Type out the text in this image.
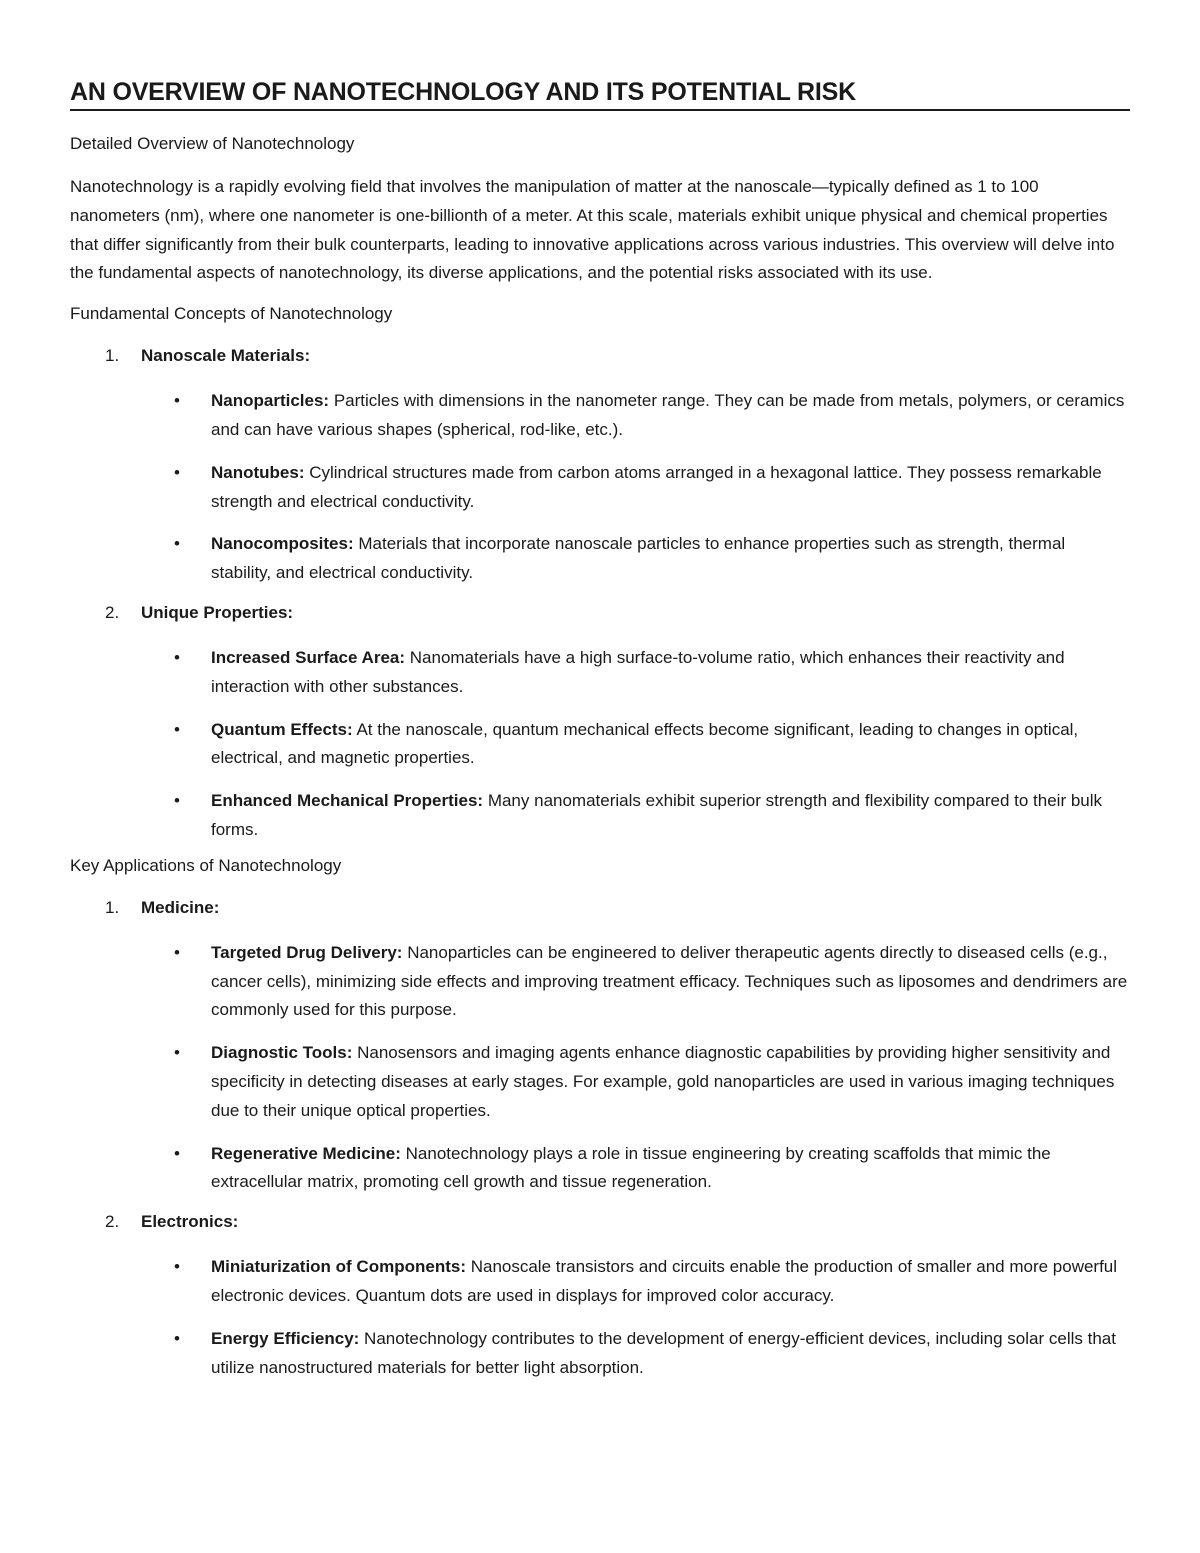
AN OVERVIEW OF NANOTECHNOLOGY AND ITS POTENTIAL RISK
Detailed Overview of Nanotechnology
Nanotechnology is a rapidly evolving field that involves the manipulation of matter at the nanoscale—typically defined as 1 to 100 nanometers (nm), where one nanometer is one-billionth of a meter. At this scale, materials exhibit unique physical and chemical properties that differ significantly from their bulk counterparts, leading to innovative applications across various industries. This overview will delve into the fundamental aspects of nanotechnology, its diverse applications, and the potential risks associated with its use.
Fundamental Concepts of Nanotechnology
1. Nanoscale Materials:
• Nanoparticles: Particles with dimensions in the nanometer range. They can be made from metals, polymers, or ceramics and can have various shapes (spherical, rod-like, etc.).
• Nanotubes: Cylindrical structures made from carbon atoms arranged in a hexagonal lattice. They possess remarkable strength and electrical conductivity.
• Nanocomposites: Materials that incorporate nanoscale particles to enhance properties such as strength, thermal stability, and electrical conductivity.
2. Unique Properties:
• Increased Surface Area: Nanomaterials have a high surface-to-volume ratio, which enhances their reactivity and interaction with other substances.
• Quantum Effects: At the nanoscale, quantum mechanical effects become significant, leading to changes in optical, electrical, and magnetic properties.
• Enhanced Mechanical Properties: Many nanomaterials exhibit superior strength and flexibility compared to their bulk forms.
Key Applications of Nanotechnology
1. Medicine:
• Targeted Drug Delivery: Nanoparticles can be engineered to deliver therapeutic agents directly to diseased cells (e.g., cancer cells), minimizing side effects and improving treatment efficacy. Techniques such as liposomes and dendrimers are commonly used for this purpose.
• Diagnostic Tools: Nanosensors and imaging agents enhance diagnostic capabilities by providing higher sensitivity and specificity in detecting diseases at early stages. For example, gold nanoparticles are used in various imaging techniques due to their unique optical properties.
• Regenerative Medicine: Nanotechnology plays a role in tissue engineering by creating scaffolds that mimic the extracellular matrix, promoting cell growth and tissue regeneration.
2. Electronics:
• Miniaturization of Components: Nanoscale transistors and circuits enable the production of smaller and more powerful electronic devices. Quantum dots are used in displays for improved color accuracy.
• Energy Efficiency: Nanotechnology contributes to the development of energy-efficient devices, including solar cells that utilize nanostructured materials for better light absorption.
